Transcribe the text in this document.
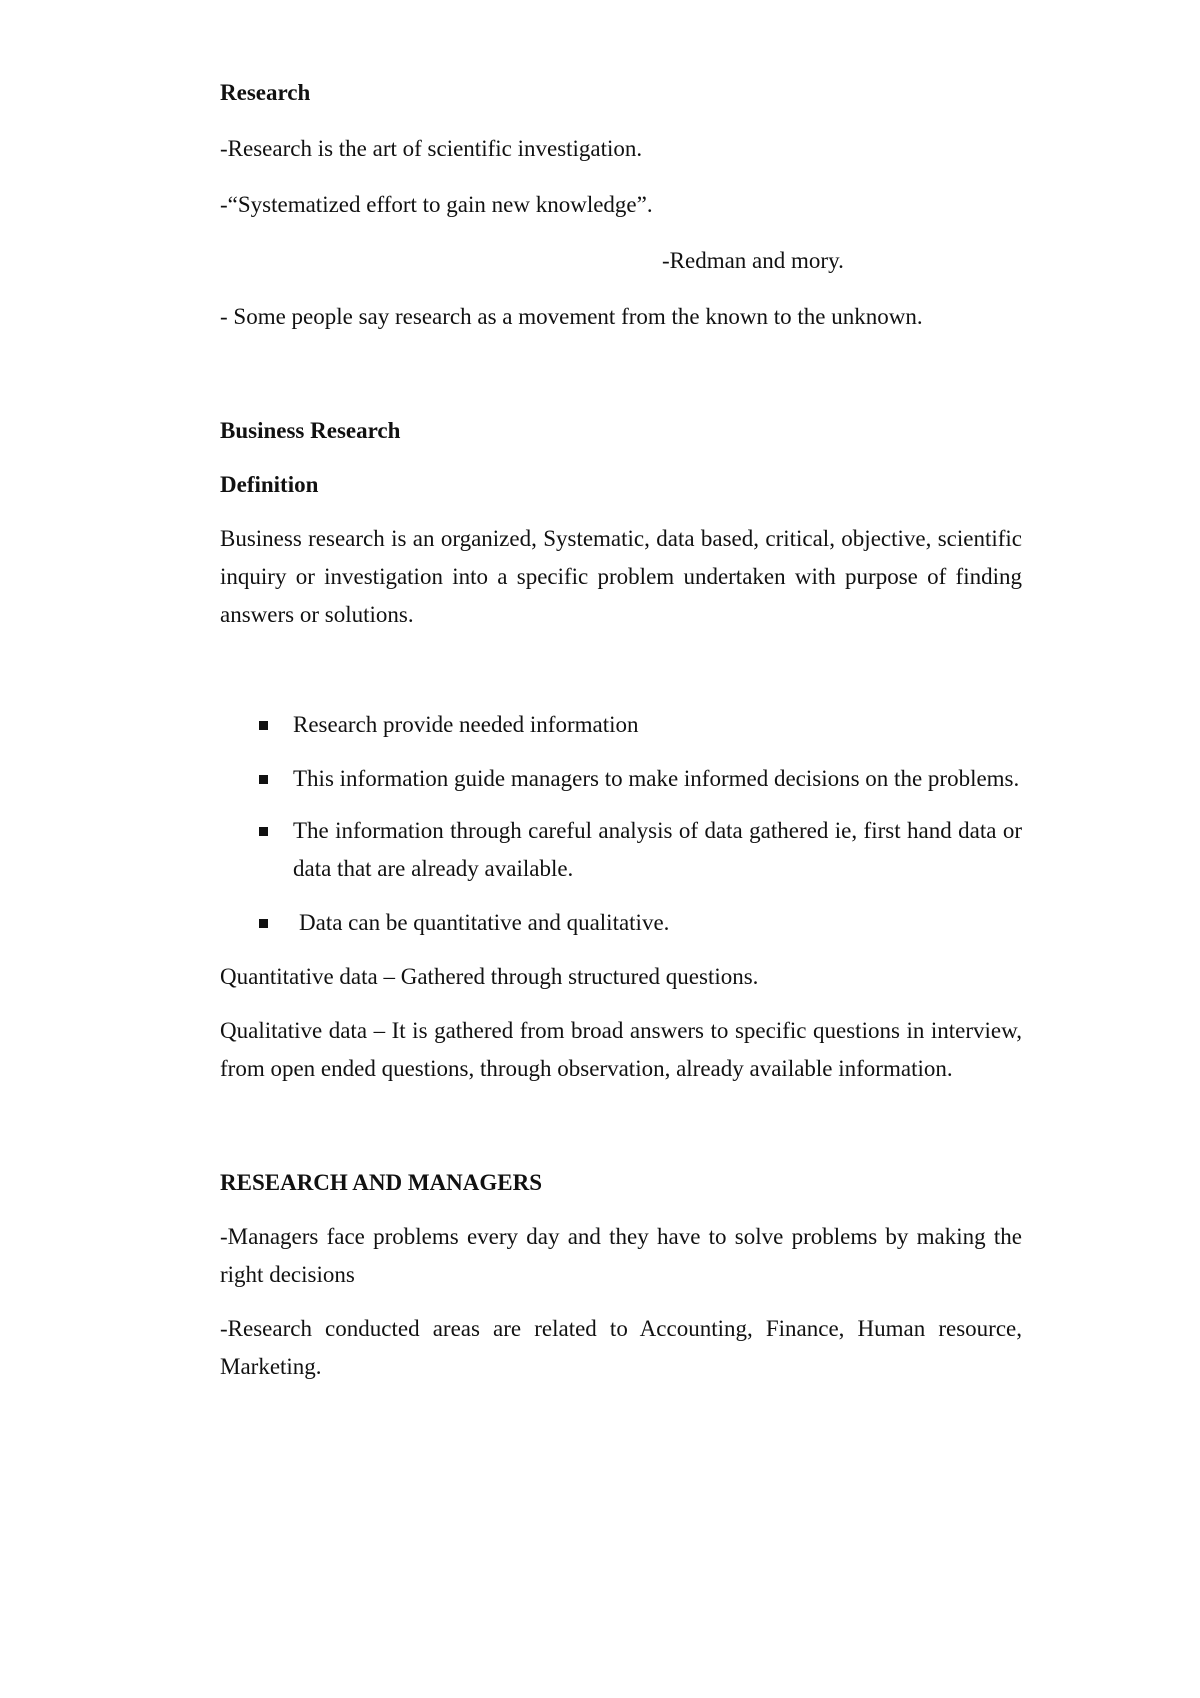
Research

-Research is the art of scientific investigation.

-“Systematized effort to gain new knowledge”.

-Redman and mory.

- Some people say research as a movement from the known to the unknown.

Business Research

Definition

Business research is an organized, Systematic, data based, critical, objective, scientific inquiry or investigation into a specific problem undertaken with purpose of finding answers or solutions.

Research provide needed information
This information guide managers to make informed decisions on the problems.
The information through careful analysis of data gathered ie, first hand data or data that are already available.
Data can be quantitative and qualitative.

Quantitative data – Gathered through structured questions.

Qualitative data – It is gathered from broad answers to specific questions in interview, from open ended questions, through observation, already available information.

RESEARCH AND MANAGERS

-Managers face problems every day and they have to solve problems by making the right decisions

-Research conducted areas are related to Accounting, Finance, Human resource, Marketing.
